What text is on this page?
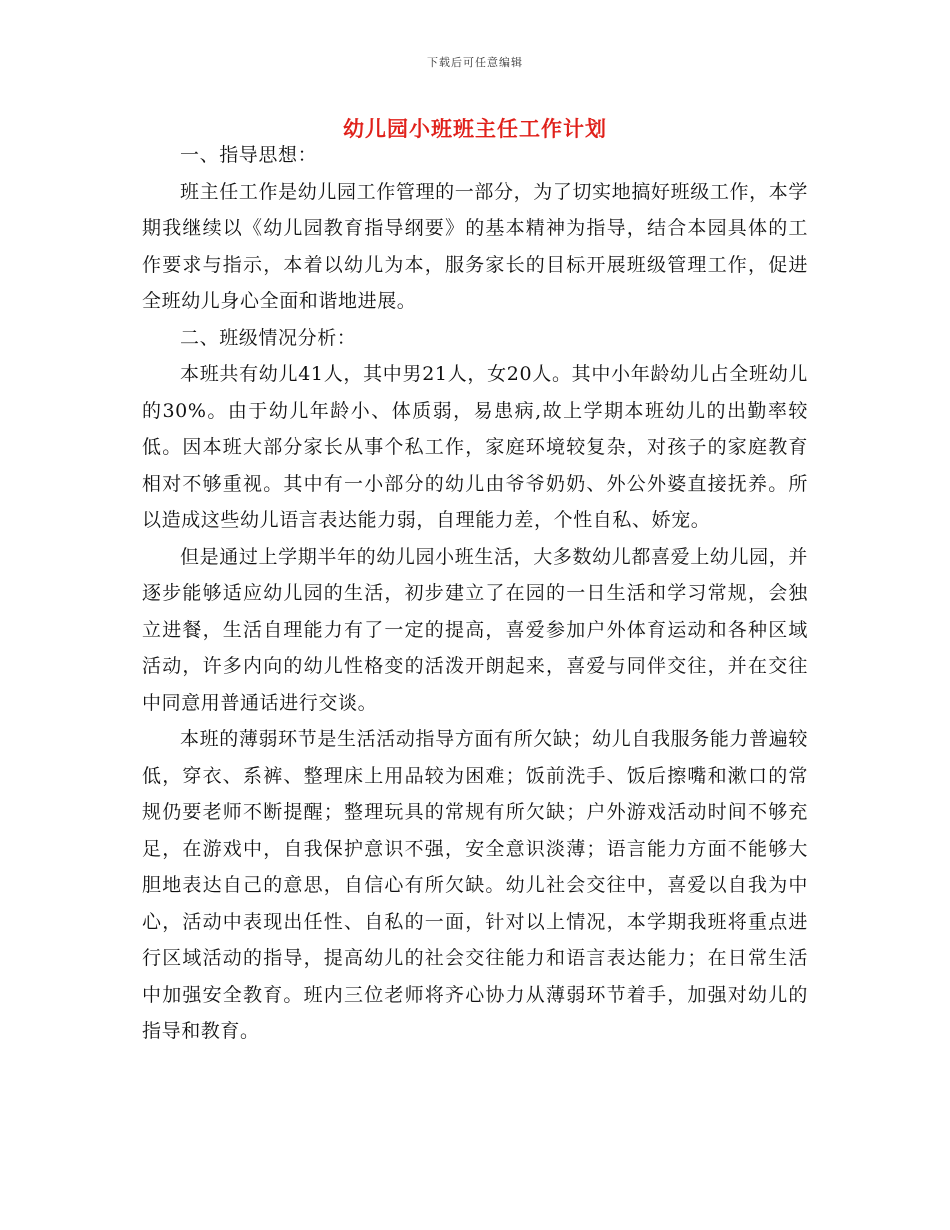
下载后可任意编辑
幼儿园小班班主任工作计划

一、指导思想：

班主任工作是幼儿园工作管理的一部分，为了切实地搞好班级工作，本学期我继续以《幼儿园教育指导纲要》的基本精神为指导，结合本园具体的工作要求与指示，本着以幼儿为本，服务家长的目标开展班级管理工作，促进全班幼儿身心全面和谐地进展。

二、班级情况分析：

本班共有幼儿41人，其中男21人，女20人。其中小年龄幼儿占全班幼儿的30%。由于幼儿年龄小、体质弱，易患病,故上学期本班幼儿的出勤率较低。因本班大部分家长从事个私工作，家庭环境较复杂，对孩子的家庭教育相对不够重视。其中有一小部分的幼儿由爷爷奶奶、外公外婆直接抚养。所以造成这些幼儿语言表达能力弱，自理能力差，个性自私、娇宠。

但是通过上学期半年的幼儿园小班生活，大多数幼儿都喜爱上幼儿园，并逐步能够适应幼儿园的生活，初步建立了在园的一日生活和学习常规，会独立进餐，生活自理能力有了一定的提高，喜爱参加户外体育运动和各种区域活动，许多内向的幼儿性格变的活泼开朗起来，喜爱与同伴交往，并在交往中同意用普通话进行交谈。

本班的薄弱环节是生活活动指导方面有所欠缺；幼儿自我服务能力普遍较低，穿衣、系裤、整理床上用品较为困难；饭前洗手、饭后擦嘴和漱口的常规仍要老师不断提醒；整理玩具的常规有所欠缺；户外游戏活动时间不够充足，在游戏中，自我保护意识不强，安全意识淡薄；语言能力方面不能够大胆地表达自己的意思，自信心有所欠缺。幼儿社会交往中，喜爱以自我为中心，活动中表现出任性、自私的一面，针对以上情况，本学期我班将重点进行区域活动的指导，提高幼儿的社会交往能力和语言表达能力；在日常生活中加强安全教育。班内三位老师将齐心协力从薄弱环节着手，加强对幼儿的指导和教育。
